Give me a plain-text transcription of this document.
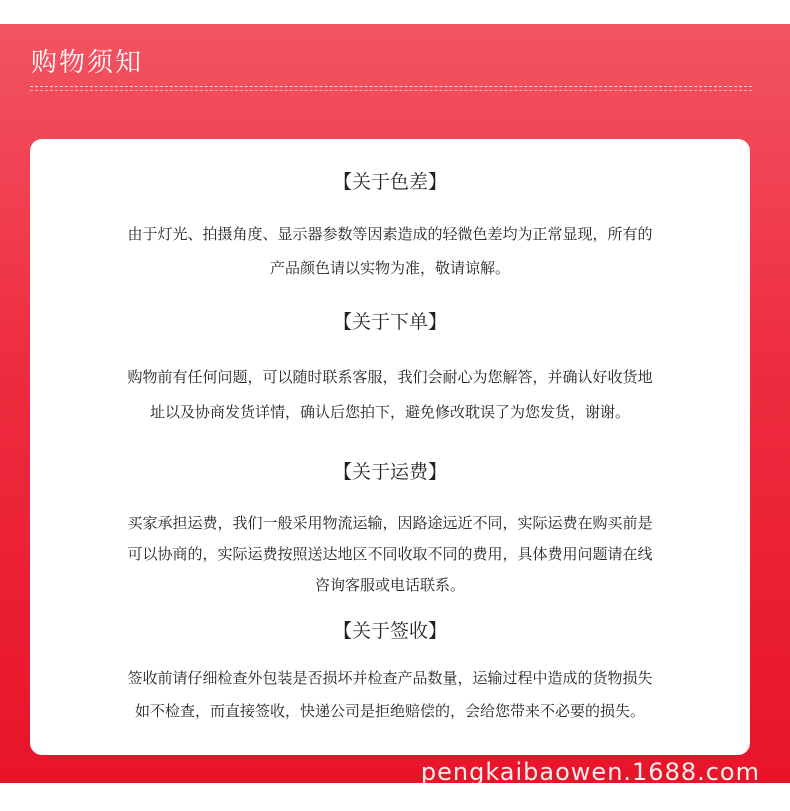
购物须知
【关于色差】
由于灯光、拍摄角度、显示器参数等因素造成的轻微色差均为正常显现，所有的
产品颜色请以实物为准，敬请谅解。
【关于下单】
购物前有任何问题，可以随时联系客服，我们会耐心为您解答，并确认好收货地
址以及协商发货详情，确认后您拍下，避免修改耽误了为您发货，谢谢。
【关于运费】
买家承担运费，我们一般采用物流运输，因路途远近不同，实际运费在购买前是
可以协商的，实际运费按照送达地区不同收取不同的费用，具体费用问题请在线
咨询客服或电话联系。
【关于签收】
签收前请仔细检查外包装是否损坏并检查产品数量，运输过程中造成的货物损失
如不检查，而直接签收，快递公司是拒绝赔偿的，会给您带来不必要的损失。
pengkaibaowen.1688.com
